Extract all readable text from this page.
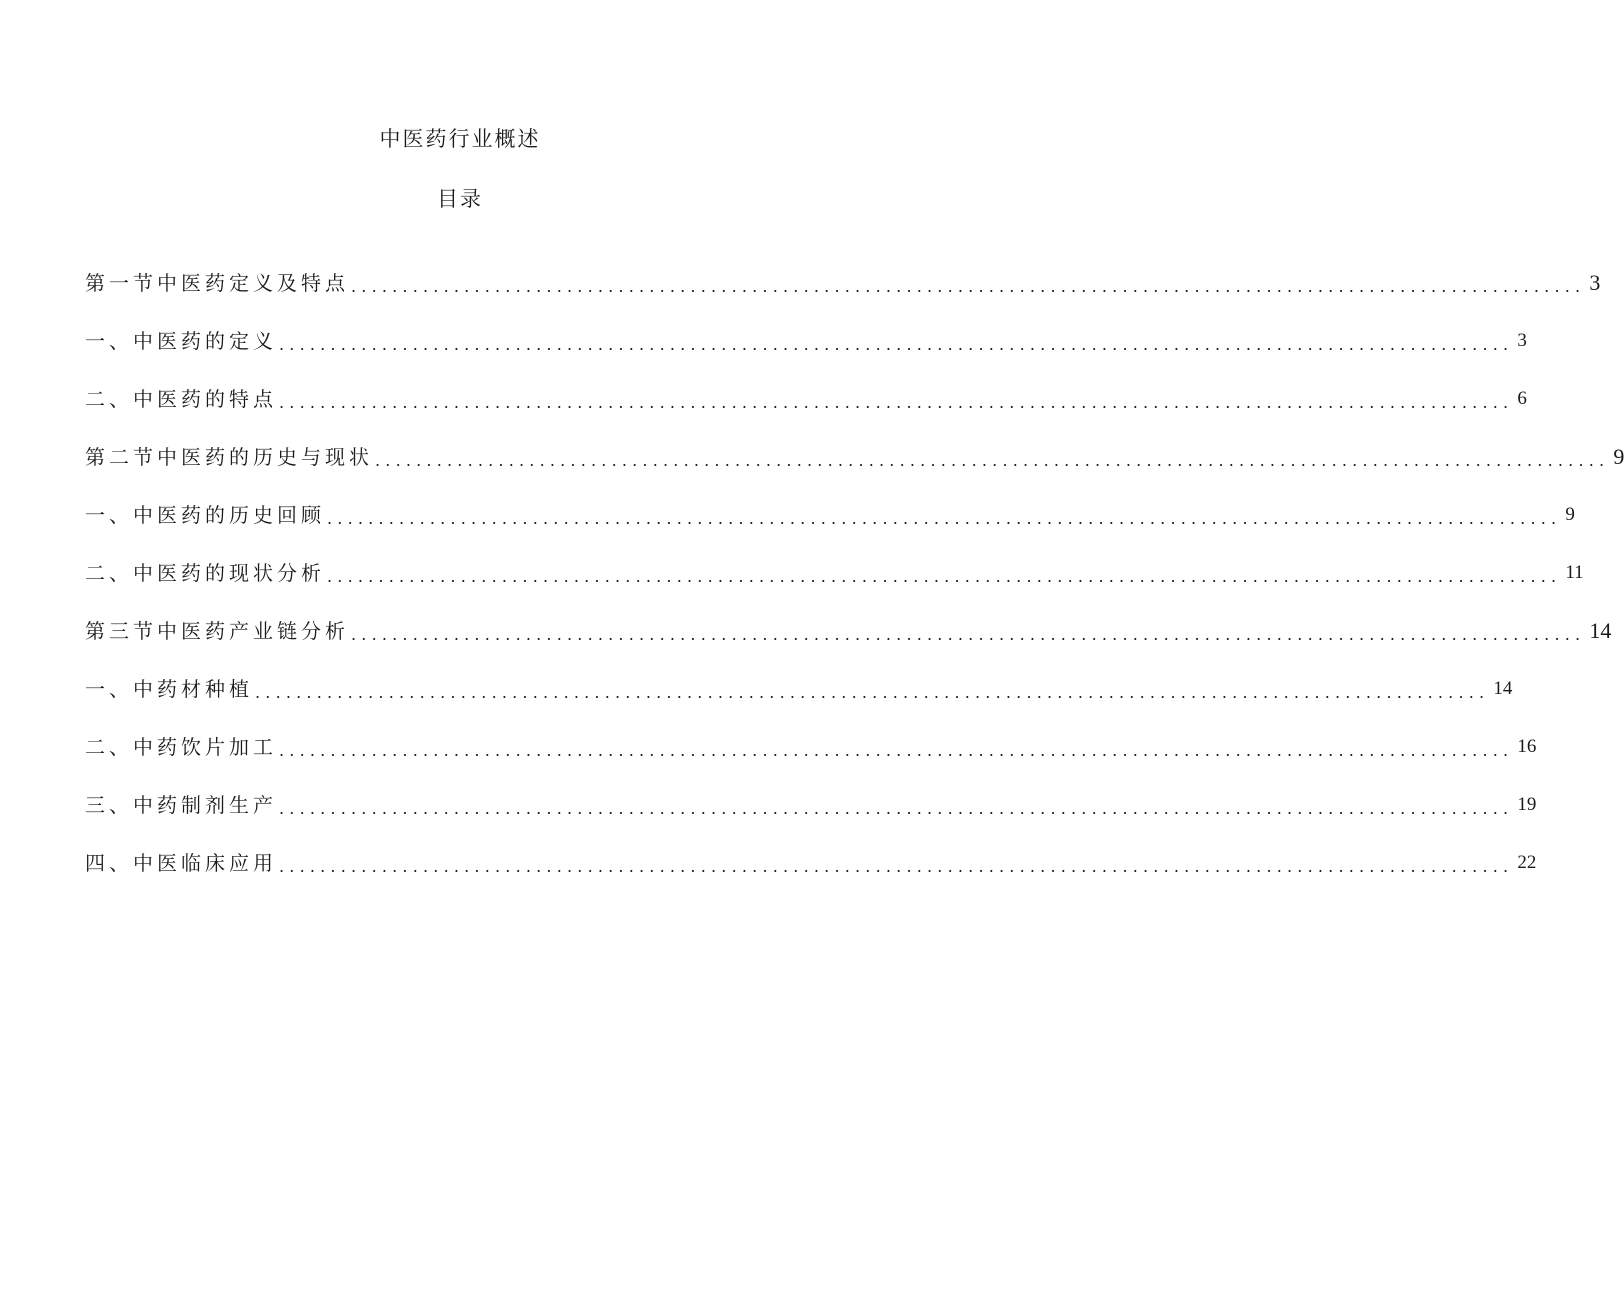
中医药行业概述
目录
第一节中医药定义及特点 ........................................................................................................................ 3
一、中医药的定义 ........................................................................................................................ 3
二、中医药的特点 ........................................................................................................................ 6
第二节中医药的历史与现状 ........................................................................................................................ 9
一、中医药的历史回顾 ........................................................................................................................ 9
二、中医药的现状分析 ........................................................................................................................ 11
第三节中医药产业链分析 ........................................................................................................................ 14
一、中药材种植 ........................................................................................................................ 14
二、中药饮片加工 ........................................................................................................................ 16
三、中药制剂生产 ........................................................................................................................ 19
四、中医临床应用 ........................................................................................................................ 22
